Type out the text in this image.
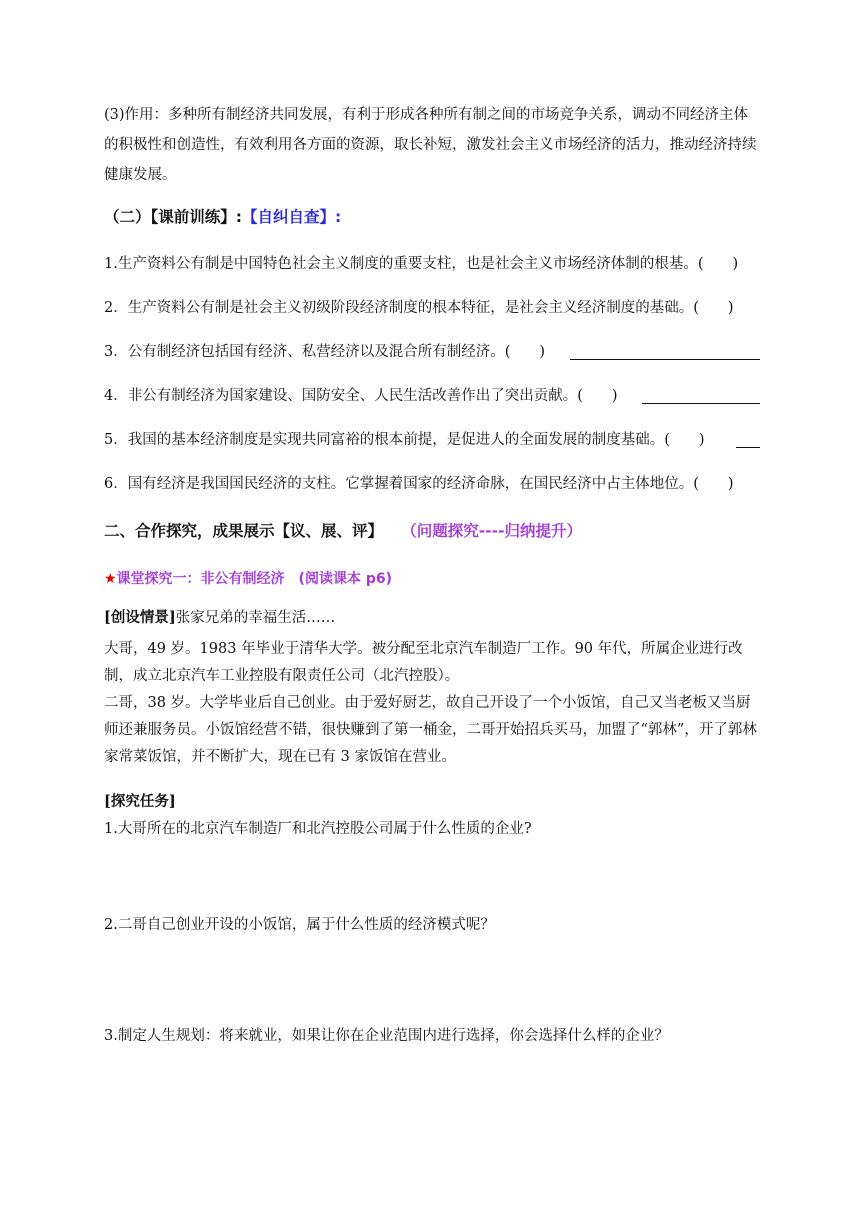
(3)作用：多种所有制经济共同发展，有利于形成各种所有制之间的市场竞争关系，调动不同经济主体的积极性和创造性，有效利用各方面的资源，取长补短，激发社会主义市场经济的活力，推动经济持续健康发展。
（二）【课前训练】:【自纠自查】:
1.生产资料公有制是中国特色社会主义制度的重要支柱，也是社会主义市场经济体制的根基。(　　)
2．生产资料公有制是社会主义初级阶段经济制度的根本特征，是社会主义经济制度的基础。(　　)
3．公有制经济包括国有经济、私营经济以及混合所有制经济。(　　)
4．非公有制经济为国家建设、国防安全、人民生活改善作出了突出贡献。(　　)
5．我国的基本经济制度是实现共同富裕的根本前提，是促进人的全面发展的制度基础。(　　)
6．国有经济是我国国民经济的支柱。它掌握着国家的经济命脉，在国民经济中占主体地位。(　　)
二、合作探究，成果展示【议、展、评】 （问题探究----归纳提升）
★课堂探究一：非公有制经济　(阅读课本 p6)
[创设情景]张家兄弟的幸福生活……
大哥，49 岁。1983 年毕业于清华大学。被分配至北京汽车制造厂工作。90 年代，所属企业进行改制，成立北京汽车工业控股有限责任公司（北汽控股）。
二哥，38 岁。大学毕业后自己创业。由于爱好厨艺，故自己开设了一个小饭馆，自己又当老板又当厨师还兼服务员。小饭馆经营不错，很快赚到了第一桶金，二哥开始招兵买马，加盟了“郭林”，开了郭林家常菜饭馆，并不断扩大，现在已有 3 家饭馆在营业。
[探究任务]
1.大哥所在的北京汽车制造厂和北汽控股公司属于什么性质的企业?
2.二哥自己创业开设的小饭馆，属于什么性质的经济模式呢？
3.制定人生规划：将来就业，如果让你在企业范围内进行选择，你会选择什么样的企业？
